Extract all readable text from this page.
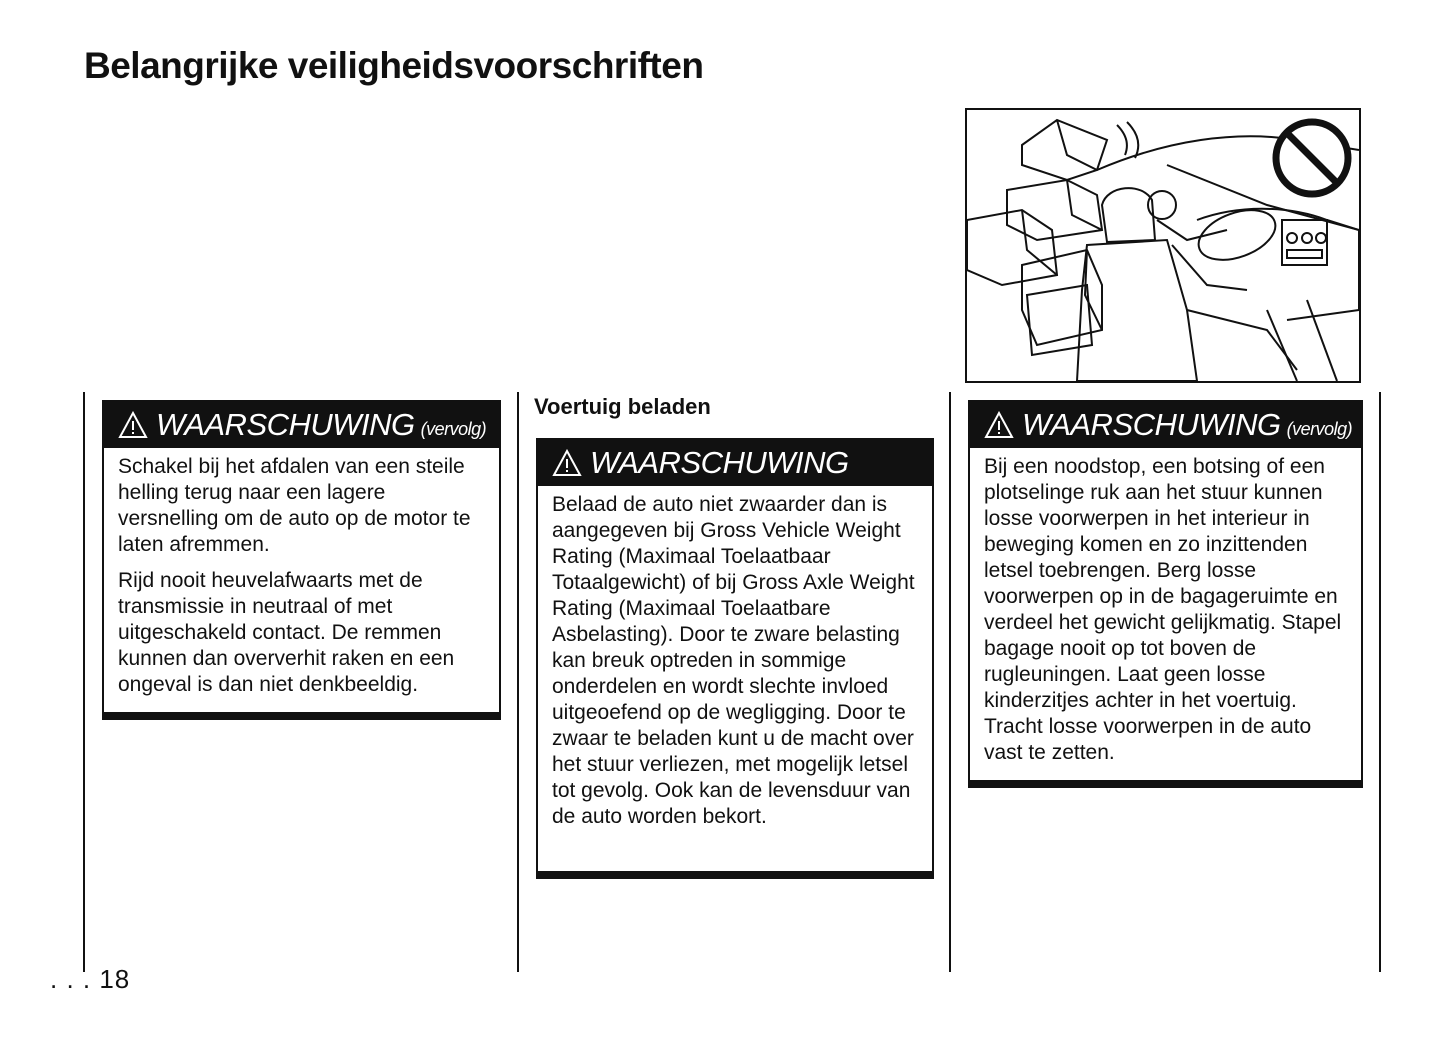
Belangrijke veiligheidsvoorschriften
WAARSCHUWING (vervolg)

Schakel bij het afdalen van een steile helling terug naar een lagere versnelling om de auto op de motor te laten afremmen.

Rijd nooit heuvelafwaarts met de transmissie in neutraal of met uitgeschakeld contact. De remmen kunnen dan oververhit raken en een ongeval is dan niet denkbeeldig.

Voertuig beladen
WAARSCHUWING

Belaad de auto niet zwaarder dan is aangegeven bij Gross Vehicle Weight Rating (Maximaal Toelaatbaar Totaalgewicht) of bij Gross Axle Weight Rating (Maximaal Toelaatbare Asbelasting). Door te zware belasting kan breuk optreden in sommige onderdelen en wordt slechte invloed uitgeoefend op de wegligging. Door te zwaar te beladen kunt u de macht over het stuur verliezen, met mogelijk letsel tot gevolg. Ook kan de levensduur van de auto worden bekort.

WAARSCHUWING (vervolg)

Bij een noodstop, een botsing of een plotselinge ruk aan het stuur kunnen losse voorwerpen in het interieur in beweging komen en zo inzittenden letsel toebrengen. Berg losse voorwerpen op in de bagageruimte en verdeel het gewicht gelijkmatig. Stapel bagage nooit op tot boven de rugleuningen. Laat geen losse kinderzitjes achter in het voertuig. Tracht losse voorwerpen in de auto vast te zetten.

. . . 18
